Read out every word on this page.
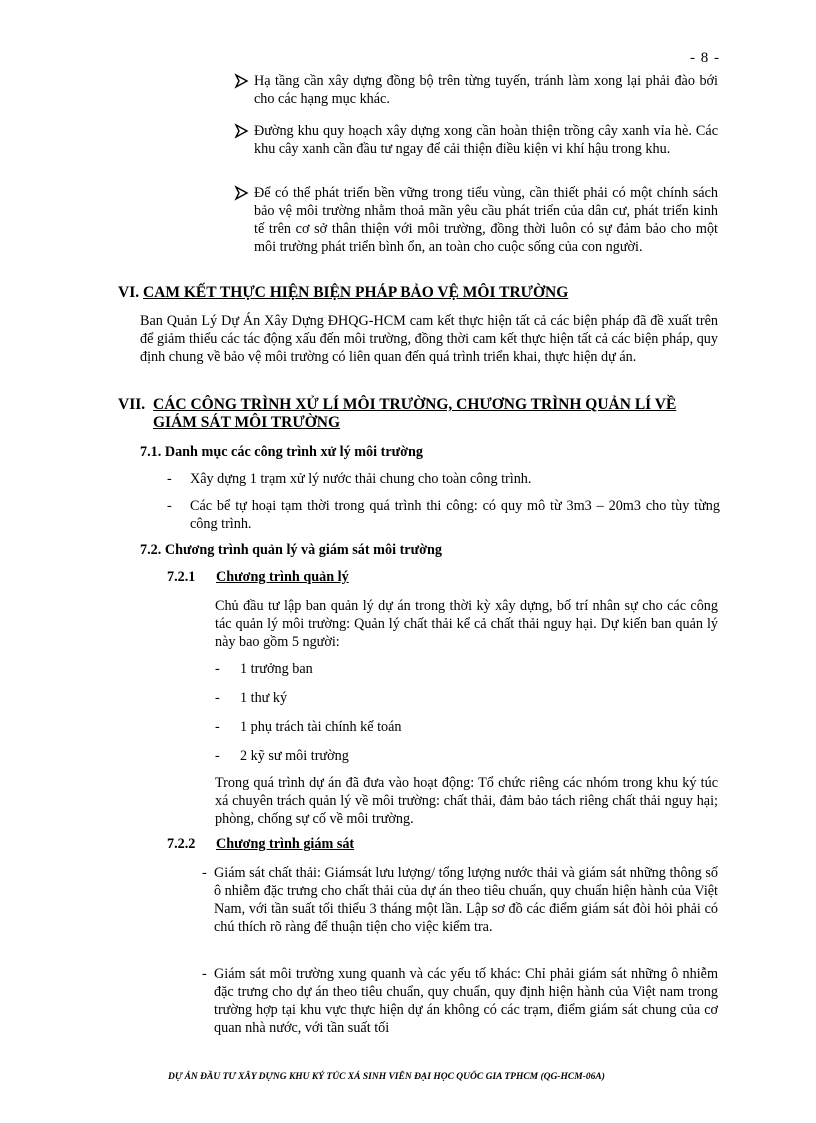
- 8 -
Hạ tầng cần xây dựng đồng bộ trên từng tuyến, tránh làm xong lại phải đào bới cho các hạng mục khác.
Đường khu quy hoạch xây dựng xong cần hoàn thiện trồng cây xanh vỉa hè. Các khu cây xanh cần đầu tư ngay để cải thiện điều kiện vi khí hậu trong khu.
Để có thể phát triển bền vững trong tiểu vùng, cần thiết phải có một chính sách bảo vệ môi trường nhằm thoả mãn yêu cầu phát triển của dân cư, phát triển kinh tế trên cơ sở thân thiện với môi trường, đồng thời luôn có sự đảm bảo cho một môi trường phát triển bình ổn, an toàn cho cuộc sống của con người.
VI. CAM KẾT THỰC HIỆN BIỆN PHÁP BẢO VỆ MÔI TRƯỜNG
Ban Quản Lý Dự Án Xây Dựng ĐHQG-HCM cam kết thực hiện tất cả các biện pháp đã đề xuất trên để giảm thiểu các tác động xấu đến môi trường, đồng thời cam kết thực hiện tất cả các biện pháp, quy định chung về bảo vệ môi trường có liên quan đến quá trình triển khai, thực hiện dự án.
VII. CÁC CÔNG TRÌNH XỬ LÍ MÔI TRƯỜNG, CHƯƠNG TRÌNH QUẢN LÍ VỀ
GIÁM SÁT MÔI TRƯỜNG
7.1. Danh mục các công trình xử lý môi trường
- Xây dựng 1 trạm xử lý nước thải chung cho toàn công trình.
- Các bể tự hoại tạm thời trong quá trình thi công: có quy mô từ 3m3 – 20m3 cho tùy từng công trình.
7.2. Chương trình quản lý và giám sát môi trường
7.2.1 Chương trình quản lý
Chủ đầu tư lập ban quản lý dự án trong thời kỳ xây dựng, bố trí nhân sự cho các công tác quản lý môi trường: Quản lý chất thải kể cả chất thải nguy hại. Dự kiến ban quản lý này bao gồm 5 người:
- 1 trưởng ban
- 1 thư ký
- 1 phụ trách tài chính kế toán
- 2 kỹ sư môi trường
Trong quá trình dự án đã đưa vào hoạt động: Tổ chức riêng các nhóm trong khu ký túc xá chuyên trách quản lý về môi trường: chất thải, đảm bảo tách riêng chất thải nguy hại; phòng, chống sự cố về môi trường.
7.2.2 Chương trình giám sát
- Giám sát chất thải: Giámsát lưu lượng/ tổng lượng nước thải và giám sát những thông số ô nhiễm đặc trưng cho chất thải của dự án theo tiêu chuẩn, quy chuẩn hiện hành của Việt Nam, với tần suất tối thiểu 3 tháng một lần. Lập sơ đồ các điểm giám sát đòi hỏi phải có chú thích rõ ràng để thuận tiện cho việc kiểm tra.
- Giám sát môi trường xung quanh và các yếu tố khác: Chỉ phải giám sát những ô nhiễm đặc trưng cho dự án theo tiêu chuẩn, quy chuẩn, quy định hiện hành của Việt nam trong trường hợp tại khu vực thực hiện dự án không có các trạm, điểm giám sát chung của cơ quan nhà nước, với tần suất tối
DỰ ÁN ĐẦU TƯ XÂY DỰNG KHU KÝ TÚC XÁ SINH VIÊN ĐẠI HỌC QUỐC GIA TPHCM (QG-HCM-06A)
